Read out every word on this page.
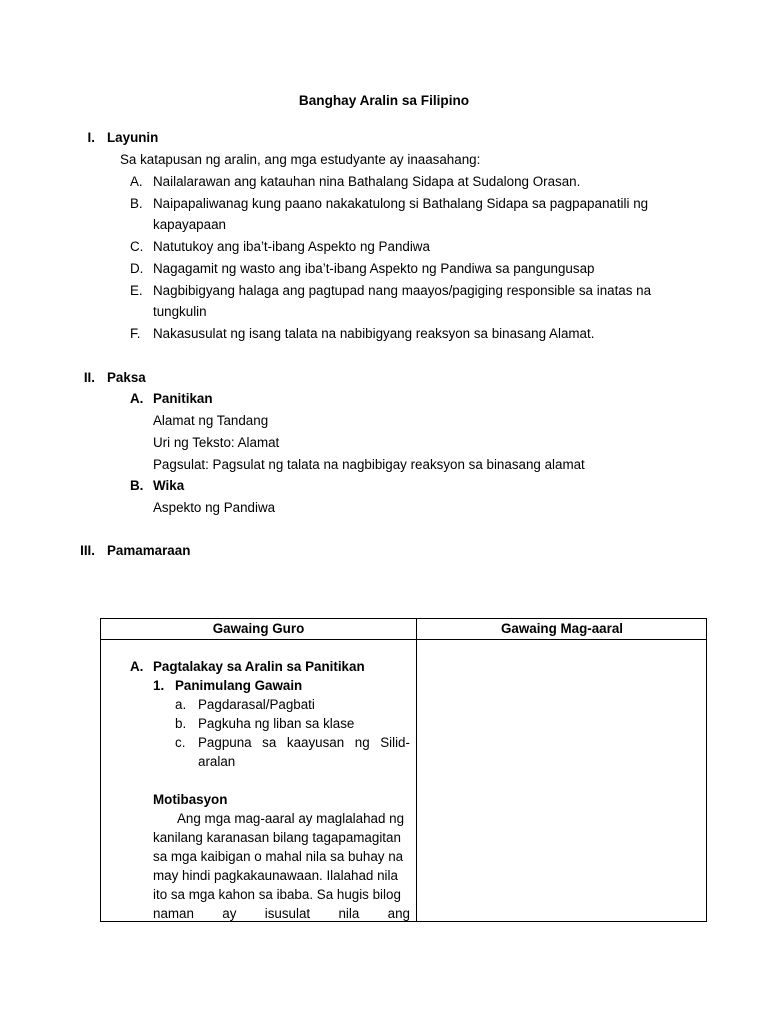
Banghay Aralin sa Filipino
I. Layunin
Sa katapusan ng aralin, ang mga estudyante ay inaasahang:
A. Nailalarawan ang katauhan nina Bathalang Sidapa at Sudalong Orasan.
B. Naipapaliwanag kung paano nakakatulong si Bathalang Sidapa sa pagpapanatili ng
kapayapaan
C. Natutukoy ang iba’t-ibang Aspekto ng Pandiwa
D. Nagagamit ng wasto ang iba’t-ibang Aspekto ng Pandiwa sa pangungusap
E. Nagbibigyang halaga ang pagtupad nang maayos/pagiging responsible sa inatas na
tungkulin
F. Nakasusulat ng isang talata na nabibigyang reaksyon sa binasang Alamat.
II. Paksa
A. Panitikan
Alamat ng Tandang
Uri ng Teksto: Alamat
Pagsulat: Pagsulat ng talata na nagbibigay reaksyon sa binasang alamat
B. Wika
Aspekto ng Pandiwa
III. Pamamaraan
Gawaing Guro	Gawaing Mag-aaral
A. Pagtalakay sa Aralin sa Panitikan
1. Panimulang Gawain
a. Pagdarasal/Pagbati
b. Pagkuha ng liban sa klase
c. Pagpuna sa kaayusan ng Silid-
aralan
Motibasyon
Ang mga mag-aaral ay maglalahad ng
kanilang karanasan bilang tagapamagitan
sa mga kaibigan o mahal nila sa buhay na
may hindi pagkakaunawaan. Ilalahad nila
ito sa mga kahon sa ibaba. Sa hugis bilog
naman ay isusulat nila ang
